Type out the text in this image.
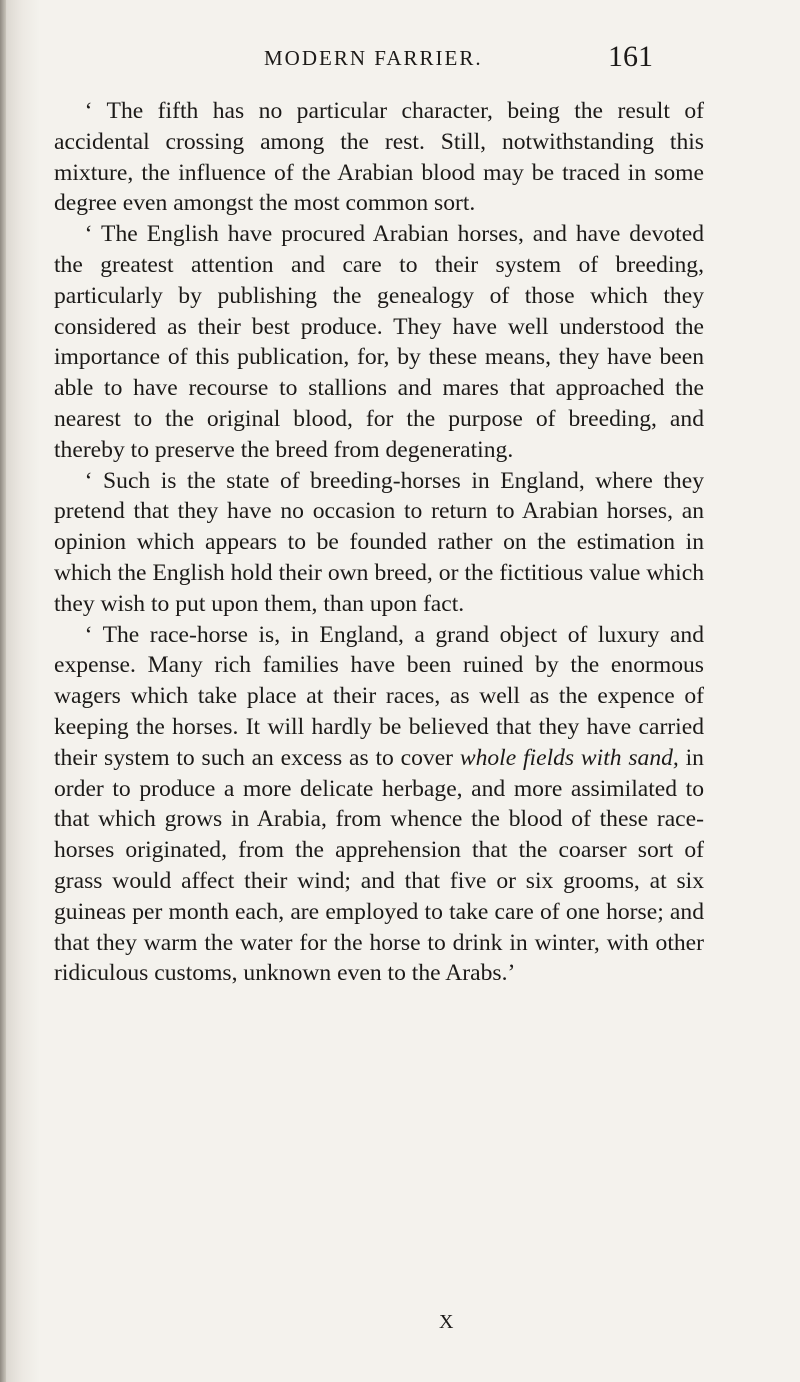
MODERN FARRIER.	161

‘ The fifth has no particular character, being the result of accidental crossing among the rest. Still, notwithstanding this mixture, the influence of the Arabian blood may be traced in some degree even amongst the most common sort.

‘ The English have procured Arabian horses, and have devoted the greatest attention and care to their system of breeding, particularly by publishing the genealogy of those which they considered as their best produce. They have well understood the importance of this publication, for, by these means, they have been able to have recourse to stallions and mares that approached the nearest to the original blood, for the purpose of breeding, and thereby to preserve the breed from degenerating.

‘ Such is the state of breeding-horses in England, where they pretend that they have no occasion to return to Arabian horses, an opinion which appears to be founded rather on the estimation in which the English hold their own breed, or the fictitious value which they wish to put upon them, than upon fact.

‘ The race-horse is, in England, a grand object of luxury and expense. Many rich families have been ruined by the enormous wagers which take place at their races, as well as the expence of keeping the horses. It will hardly be believed that they have carried their system to such an excess as to cover whole fields with sand, in order to produce a more delicate herbage, and more assimilated to that which grows in Arabia, from whence the blood of these race-horses originated, from the apprehension that the coarser sort of grass would affect their wind; and that five or six grooms, at six guineas per month each, are employed to take care of one horse; and that they warm the water for the horse to drink in winter, with other ridiculous customs, unknown even to the Arabs.’

X
